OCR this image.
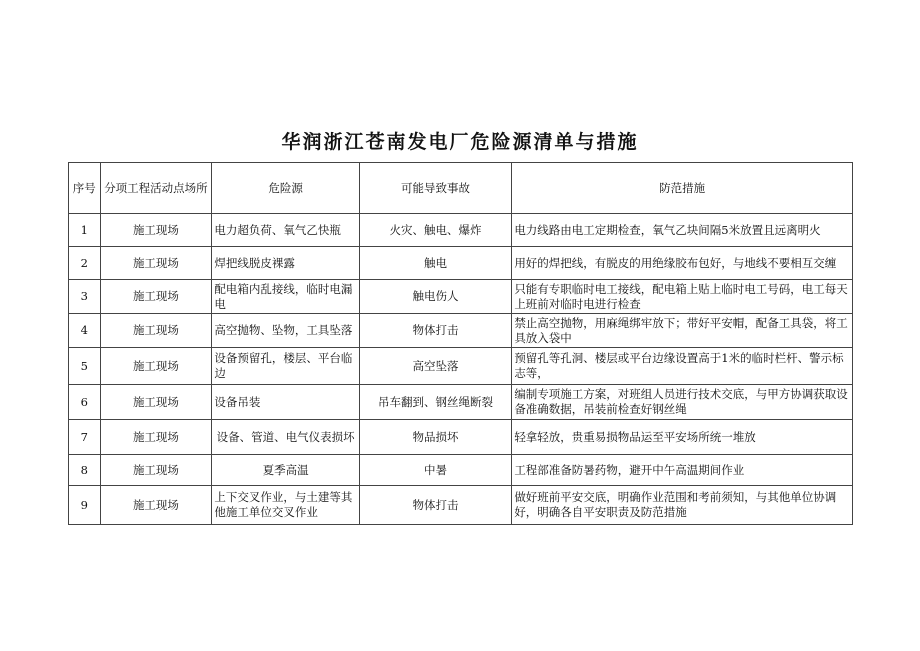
华润浙江苍南发电厂危险源清单与措施
序号	分项工程活动点场所	危险源	可能导致事故	防范措施
1	施工现场	电力超负荷、氧气乙快瓶	火灾、触电、爆炸	电力线路由电工定期检查，氧气乙块间隔5米放置且远离明火
2	施工现场	焊把线脱皮裸露	触电	用好的焊把线，有脱皮的用绝缘胶布包好，与地线不要相互交缠
3	施工现场	配电箱内乱接线，临时电漏电	触电伤人	只能有专职临时电工接线，配电箱上贴上临时电工号码，电工每天上班前对临时电进行检查
4	施工现场	高空抛物、坠物，工具坠落	物体打击	禁止高空抛物，用麻绳绑牢放下；带好平安帽，配备工具袋，将工具放入袋中
5	施工现场	设备预留孔，楼层、平台临边	高空坠落	预留孔等孔洞、楼层或平台边缘设置高于1米的临时栏杆、警示标志等，
6	施工现场	设备吊装	吊车翻到、钢丝绳断裂	编制专项施工方案，对班组人员进行技术交底，与甲方协调获取设备准确数据，吊装前检查好钢丝绳
7	施工现场	设备、管道、电气仪表损坏	物品损坏	轻拿轻放，贵重易损物品运至平安场所统一堆放
8	施工现场	夏季高温	中暑	工程部准备防暑药物，避开中午高温期间作业
9	施工现场	上下交叉作业，与土建等其他施工单位交叉作业	物体打击	做好班前平安交底，明确作业范围和考前须知，与其他单位协调好，明确各自平安职责及防范措施
